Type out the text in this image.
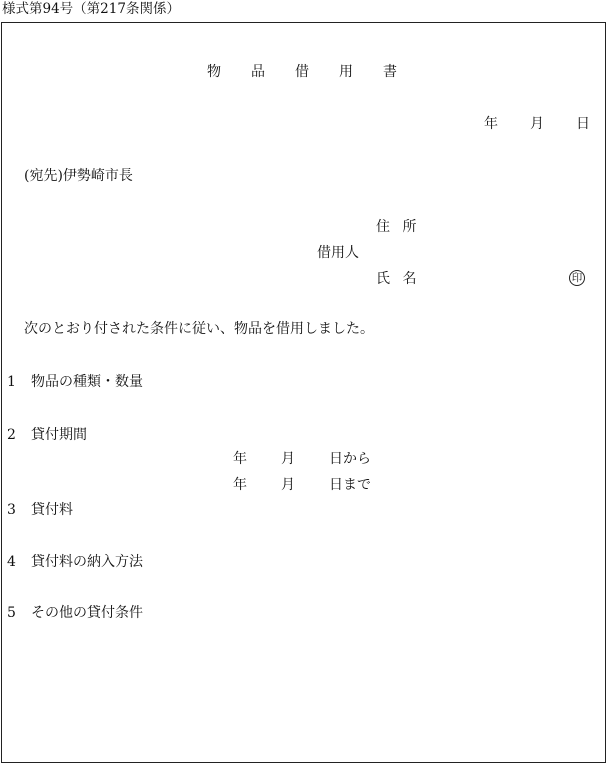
様式第94号（第217条関係）
物品借用書
年 月 日
(宛先)伊勢崎市長
住 所
借用人
氏 名	印
次のとおり付された条件に従い、物品を借用しました。
1 物品の種類・数量
2 貸付期間
年 月 日から
年 月 日まで
3 貸付料
4 貸付料の納入方法
5 その他の貸付条件
